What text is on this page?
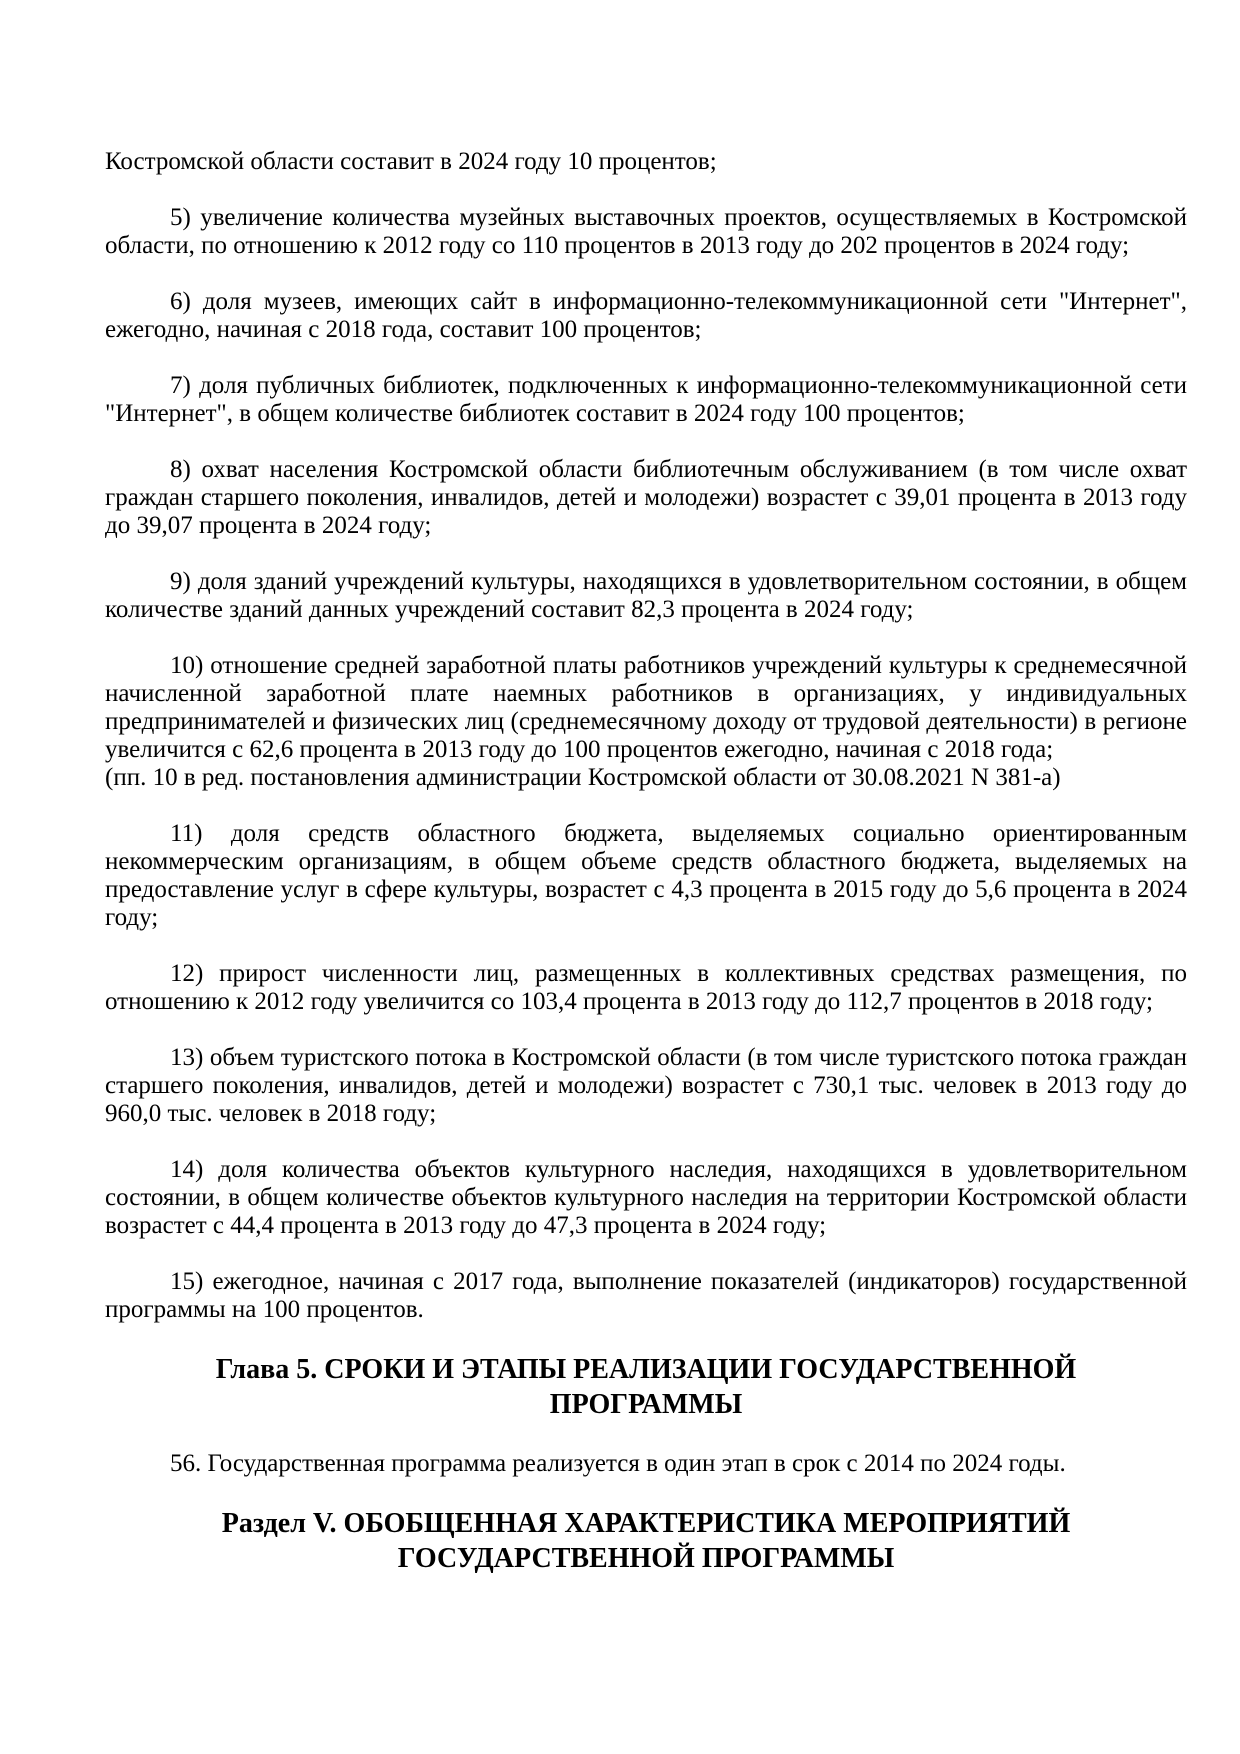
Костромской области составит в 2024 году 10 процентов;

5) увеличение количества музейных выставочных проектов, осуществляемых в Костромской области, по отношению к 2012 году со 110 процентов в 2013 году до 202 процентов в 2024 году;

6) доля музеев, имеющих сайт в информационно-телекоммуникационной сети "Интернет", ежегодно, начиная с 2018 года, составит 100 процентов;

7) доля публичных библиотек, подключенных к информационно-телекоммуникационной сети "Интернет", в общем количестве библиотек составит в 2024 году 100 процентов;

8) охват населения Костромской области библиотечным обслуживанием (в том числе охват граждан старшего поколения, инвалидов, детей и молодежи) возрастет с 39,01 процента в 2013 году до 39,07 процента в 2024 году;

9) доля зданий учреждений культуры, находящихся в удовлетворительном состоянии, в общем количестве зданий данных учреждений составит 82,3 процента в 2024 году;

10) отношение средней заработной платы работников учреждений культуры к среднемесячной начисленной заработной плате наемных работников в организациях, у индивидуальных предпринимателей и физических лиц (среднемесячному доходу от трудовой деятельности) в регионе увеличится с 62,6 процента в 2013 году до 100 процентов ежегодно, начиная с 2018 года;

(пп. 10 в ред. постановления администрации Костромской области от 30.08.2021 N 381-а)

11) доля средств областного бюджета, выделяемых социально ориентированным некоммерческим организациям, в общем объеме средств областного бюджета, выделяемых на предоставление услуг в сфере культуры, возрастет с 4,3 процента в 2015 году до 5,6 процента в 2024 году;

12) прирост численности лиц, размещенных в коллективных средствах размещения, по отношению к 2012 году увеличится со 103,4 процента в 2013 году до 112,7 процентов в 2018 году;

13) объем туристского потока в Костромской области (в том числе туристского потока граждан старшего поколения, инвалидов, детей и молодежи) возрастет с 730,1 тыс. человек в 2013 году до 960,0 тыс. человек в 2018 году;

14) доля количества объектов культурного наследия, находящихся в удовлетворительном состоянии, в общем количестве объектов культурного наследия на территории Костромской области возрастет с 44,4 процента в 2013 году до 47,3 процента в 2024 году;

15) ежегодное, начиная с 2017 года, выполнение показателей (индикаторов) государственной программы на 100 процентов.

Глава 5. СРОКИ И ЭТАПЫ РЕАЛИЗАЦИИ ГОСУДАРСТВЕННОЙ ПРОГРАММЫ

56. Государственная программа реализуется в один этап в срок с 2014 по 2024 годы.

Раздел V. ОБОБЩЕННАЯ ХАРАКТЕРИСТИКА МЕРОПРИЯТИЙ ГОСУДАРСТВЕННОЙ ПРОГРАММЫ
